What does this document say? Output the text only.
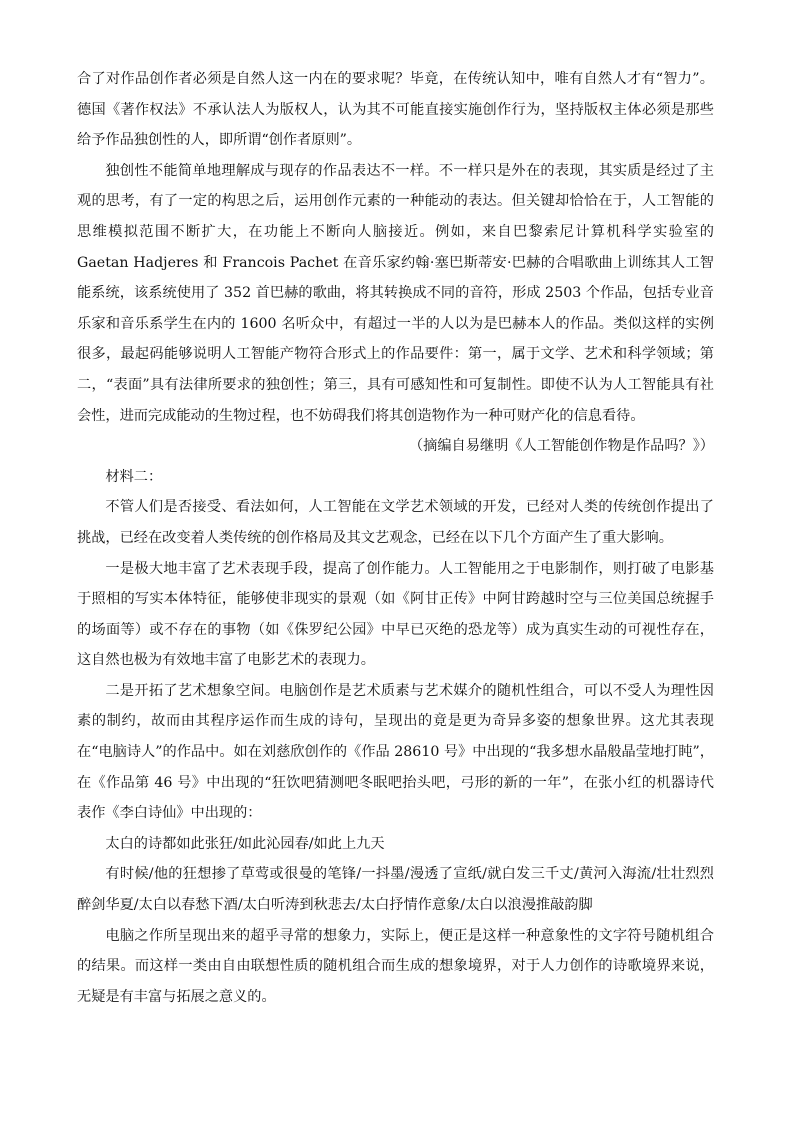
合了对作品创作者必须是自然人这一内在的要求呢？毕竟，在传统认知中，唯有自然人才有“智力”。德国《著作权法》不承认法人为版权人，认为其不可能直接实施创作行为，坚持版权主体必须是那些给予作品独创性的人，即所谓“创作者原则”。

独创性不能简单地理解成与现存的作品表达不一样。不一样只是外在的表现，其实质是经过了主观的思考，有了一定的构思之后，运用创作元素的一种能动的表达。但关键却恰恰在于，人工智能的思维模拟范围不断扩大，在功能上不断向人脑接近。例如，来自巴黎索尼计算机科学实验室的 Gaetan Hadjeres 和 Francois Pachet 在音乐家约翰·塞巴斯蒂安·巴赫的合唱歌曲上训练其人工智能系统，该系统使用了 352 首巴赫的歌曲，将其转换成不同的音符，形成 2503 个作品，包括专业音乐家和音乐系学生在内的 1600 名听众中，有超过一半的人以为是巴赫本人的作品。类似这样的实例很多，最起码能够说明人工智能产物符合形式上的作品要件：第一，属于文学、艺术和科学领域；第二，“表面”具有法律所要求的独创性；第三，具有可感知性和可复制性。即使不认为人工智能具有社会性，进而完成能动的生物过程，也不妨碍我们将其创造物作为一种可财产化的信息看待。

（摘编自易继明《人工智能创作物是作品吗？》）

材料二：

不管人们是否接受、看法如何，人工智能在文学艺术领域的开发，已经对人类的传统创作提出了挑战，已经在改变着人类传统的创作格局及其文艺观念，已经在以下几个方面产生了重大影响。

一是极大地丰富了艺术表现手段，提高了创作能力。人工智能用之于电影制作，则打破了电影基于照相的写实本体特征，能够使非现实的景观（如《阿甘正传》中阿甘跨越时空与三位美国总统握手的场面等）或不存在的事物（如《侏罗纪公园》中早已灭绝的恐龙等）成为真实生动的可视性存在，这自然也极为有效地丰富了电影艺术的表现力。

二是开拓了艺术想象空间。电脑创作是艺术质素与艺术媒介的随机性组合，可以不受人为理性因素的制约，故而由其程序运作而生成的诗句，呈现出的竟是更为奇异多姿的想象世界。这尤其表现在“电脑诗人”的作品中。如在刘慈欣创作的《作品 28610 号》中出现的“我多想水晶般晶莹地打盹”，在《作品第 46 号》中出现的“狂饮吧猜测吧冬眠吧抬头吧，弓形的新的一年”，在张小红的机器诗代表作《李白诗仙》中出现的：

太白的诗都如此张狂/如此沁园春/如此上九天

有时候/他的狂想掺了草莺或很曼的笔锋/一抖墨/漫透了宣纸/就白发三千丈/黄河入海流/壮壮烈烈醉剑华夏/太白以春愁下酒/太白听涛到秋悲去/太白抒情作意象/太白以浪漫推敲韵脚

电脑之作所呈现出来的超乎寻常的想象力，实际上，便正是这样一种意象性的文字符号随机组合的结果。而这样一类由自由联想性质的随机组合而生成的想象境界，对于人力创作的诗歌境界来说，无疑是有丰富与拓展之意义的。
